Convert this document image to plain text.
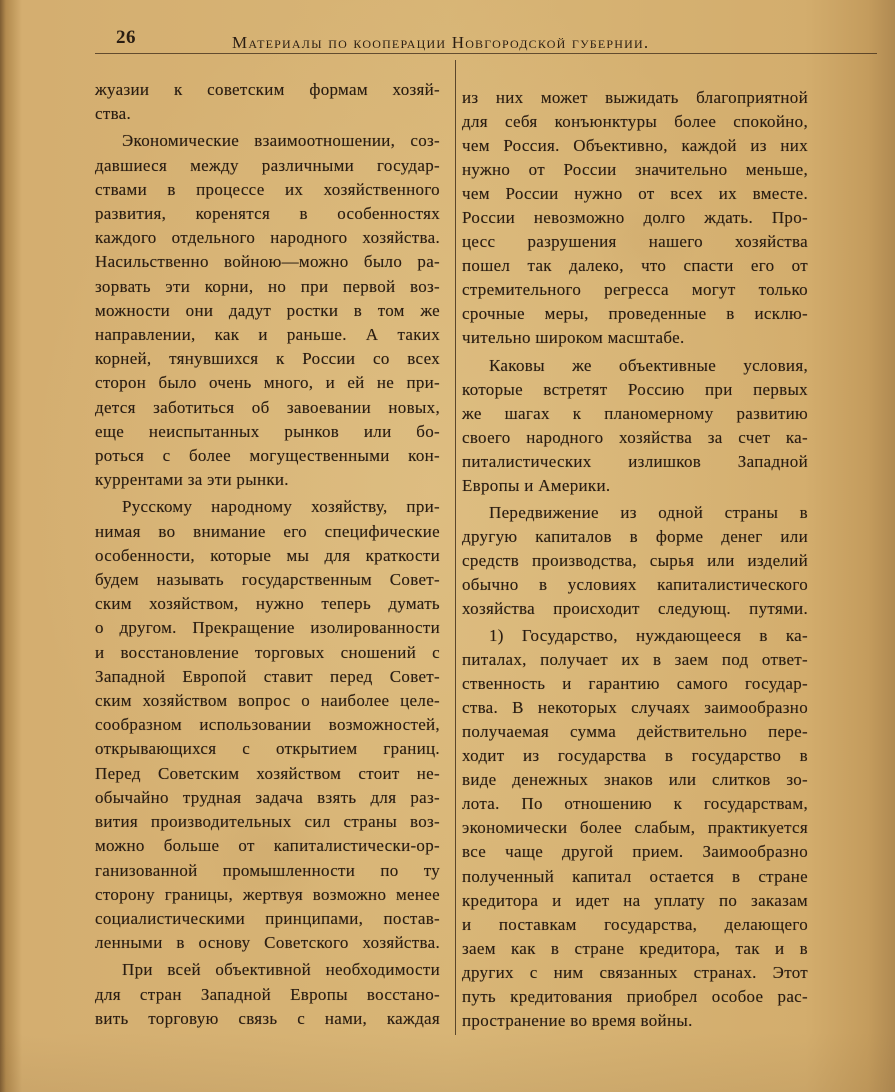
26	Материалы по кооперации Новгородской губернии.
жуазии к советским формам хозяй-
ства.
Экономические взаимоотношении, соз-
давшиеся между различными государ-
ствами в процессе их хозяйственного
развития, коренятся в особенностях
каждого отдельного народного хозяйства.
Насильственно войною—можно было ра-
зорвать эти корни, но при первой воз-
можности они дадут ростки в том же
направлении, как и раньше. А таких
корней, тянувшихся к России со всех
сторон было очень много, и ей не при-
дется заботиться об завоевании новых,
еще неиспытанных рынков или бо-
роться с более могущественными кон-
куррентами за эти рынки.
Русскому народному хозяйству, при-
нимая во внимание его специфические
особенности, которые мы для краткости
будем называть государственным Совет-
ским хозяйством, нужно теперь думать
о другом. Прекращение изолированности
и восстановление торговых сношений с
Западной Европой ставит перед Совет-
ским хозяйством вопрос о наиболее целе-
сообразном использовании возможностей,
открывающихся с открытием границ.
Перед Советским хозяйством стоит не-
обычайно трудная задача взять для раз-
вития производительных сил страны воз-
можно больше от капиталистически-ор-
ганизованной промышленности по ту
сторону границы, жертвуя возможно менее
социалистическими принципами, постав-
ленными в основу Советского хозяйства.
При всей объективной необходимости
для стран Западной Европы восстано-
вить торговую связь с нами, каждая
из них может выжидать благоприятной
для себя конъюнктуры более спокойно,
чем Россия. Объективно, каждой из них
нужно от России значительно меньше,
чем России нужно от всех их вместе.
России невозможно долго ждать. Про-
цесс разрушения нашего хозяйства
пошел так далеко, что спасти его от
стремительного регресса могут только
срочные меры, проведенные в исклю-
чительно широком масштабе.
Каковы же объективные условия,
которые встретят Россию при первых
же шагах к планомерному развитию
своего народного хозяйства за счет ка-
питалистических излишков Западной
Европы и Америки.
Передвижение из одной страны в
другую капиталов в форме денег или
средств производства, сырья или изделий
обычно в условиях капиталистического
хозяйства происходит следующ. путями.
1) Государство, нуждающееся в ка-
питалах, получает их в заем под ответ-
ственность и гарантию самого государ-
ства. В некоторых случаях заимообразно
получаемая сумма действительно пере-
ходит из государства в государство в
виде денежных знаков или слитков зо-
лота. По отношению к государствам,
экономически более слабым, практикуется
все чаще другой прием. Заимообразно
полученный капитал остается в стране
кредитора и идет на уплату по заказам
и поставкам государства, делающего
заем как в стране кредитора, так и в
других с ним связанных странах. Этот
путь кредитования приобрел особое рас-
пространение во время войны.
